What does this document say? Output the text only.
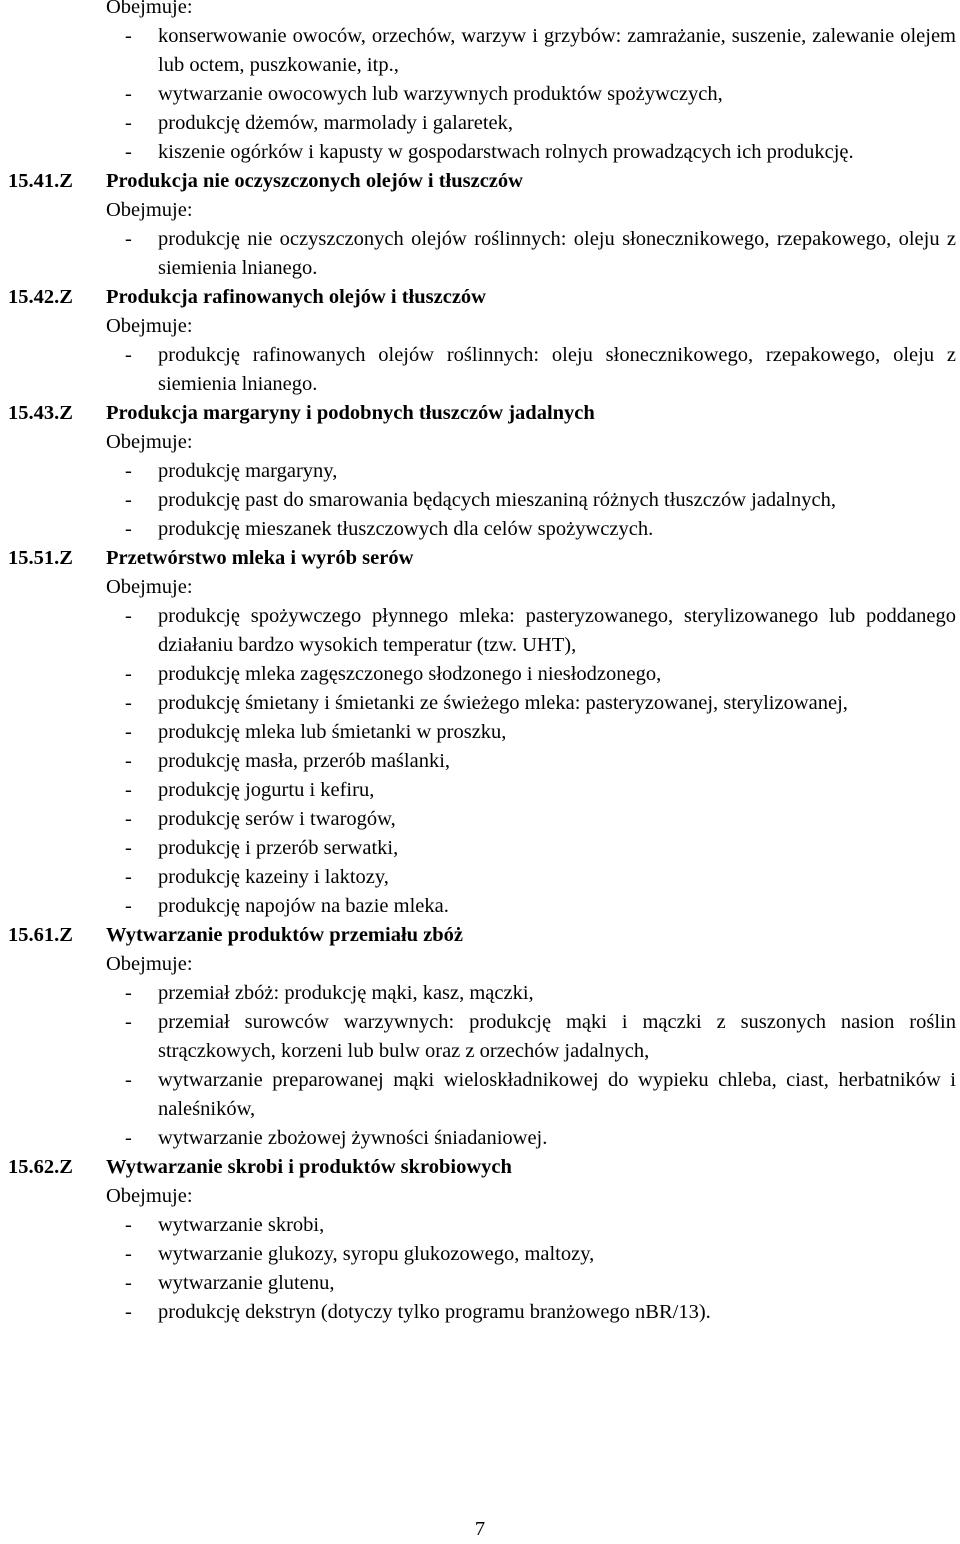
Obejmuje:
- konserwowanie owoców, orzechów, warzyw i grzybów: zamrażanie, suszenie, zalewanie olejem lub octem, puszkowanie, itp.,
- wytwarzanie owocowych lub warzywnych produktów spożywczych,
- produkcję dżemów, marmolady i galaretek,
- kiszenie ogórków i kapusty w gospodarstwach rolnych prowadzących ich produkcję.
15.41.Z Produkcja nie oczyszczonych olejów i tłuszczów
Obejmuje:
- produkcję nie oczyszczonych olejów roślinnych: oleju słonecznikowego, rzepakowego, oleju z siemienia lnianego.
15.42.Z Produkcja rafinowanych olejów i tłuszczów
Obejmuje:
- produkcję rafinowanych olejów roślinnych: oleju słonecznikowego, rzepakowego, oleju z siemienia lnianego.
15.43.Z Produkcja margaryny i podobnych tłuszczów jadalnych
Obejmuje:
- produkcję margaryny,
- produkcję past do smarowania będących mieszaniną różnych tłuszczów jadalnych,
- produkcję mieszanek tłuszczowych dla celów spożywczych.
15.51.Z Przetwórstwo mleka i wyrób serów
Obejmuje:
- produkcję spożywczego płynnego mleka: pasteryzowanego, sterylizowanego lub poddanego działaniu bardzo wysokich temperatur (tzw. UHT),
- produkcję mleka zagęszczonego słodzonego i niesłodzonego,
- produkcję śmietany i śmietanki ze świeżego mleka: pasteryzowanej, sterylizowanej,
- produkcję mleka lub śmietanki w proszku,
- produkcję masła, przerób maślanki,
- produkcję jogurtu i kefiru,
- produkcję serów i twarogów,
- produkcję i przerób serwatki,
- produkcję kazeiny i laktozy,
- produkcję napojów na bazie mleka.
15.61.Z Wytwarzanie produktów przemiału zbóż
Obejmuje:
- przemiał zbóż: produkcję mąki, kasz, mączki,
- przemiał surowców warzywnych: produkcję mąki i mączki z suszonych nasion roślin strączkowych, korzeni lub bulw oraz z orzechów jadalnych,
- wytwarzanie preparowanej mąki wieloskładnikowej do wypieku chleba, ciast, herbatników i naleśników,
- wytwarzanie zbożowej żywności śniadaniowej.
15.62.Z Wytwarzanie skrobi i produktów skrobiowych
Obejmuje:
- wytwarzanie skrobi,
- wytwarzanie glukozy, syropu glukozowego, maltozy,
- wytwarzanie glutenu,
- produkcję dekstryn (dotyczy tylko programu branżowego nBR/13).
7
